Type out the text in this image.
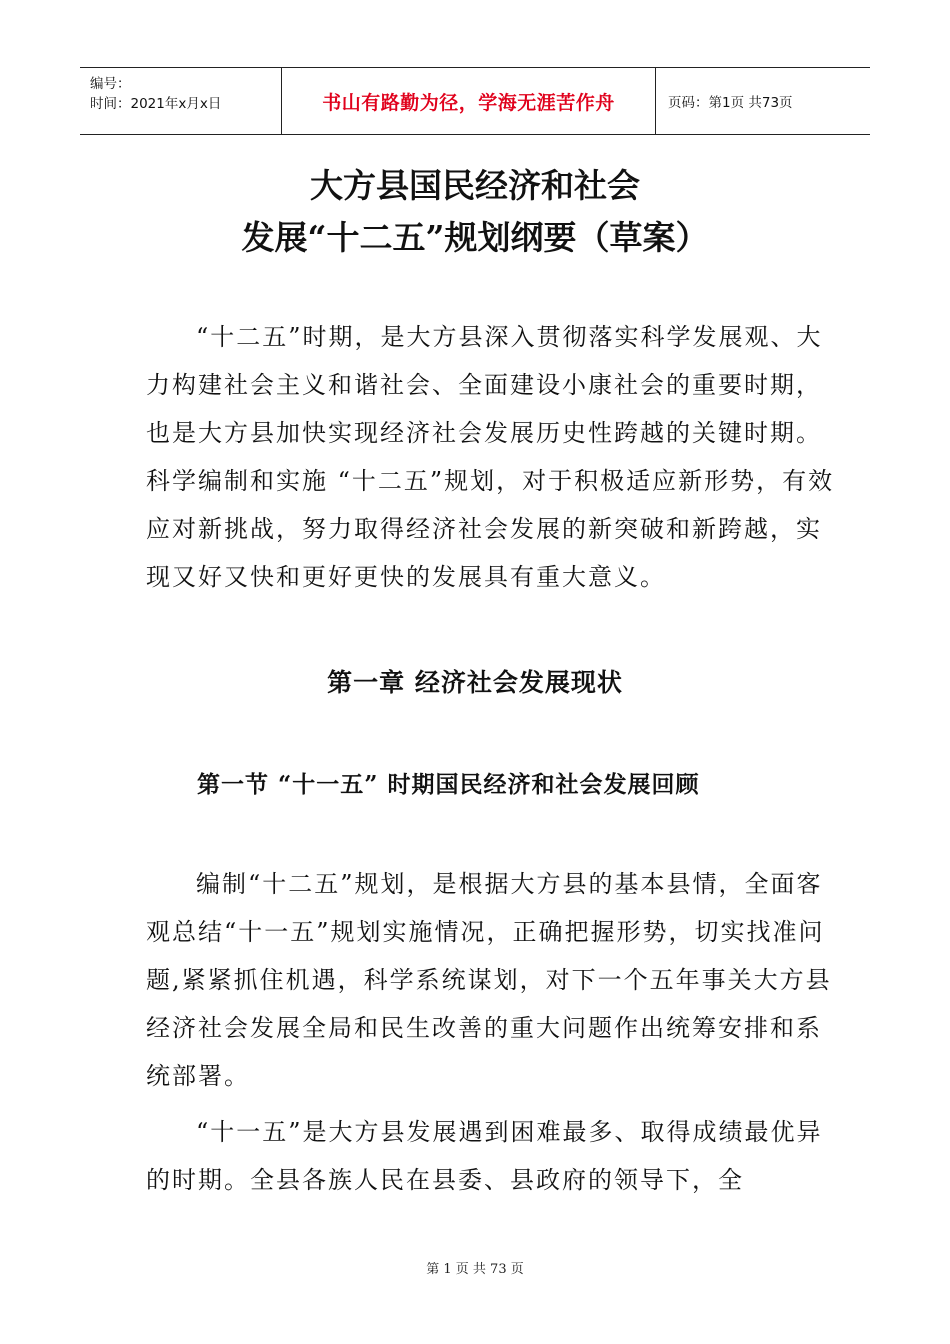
编号：
时间：2021年x月x日	书山有路勤为径，学海无涯苦作舟	页码：第1页 共73页
大方县国民经济和社会
发展“十二五”规划纲要（草案）

“十二五”时期，是大方县深入贯彻落实科学发展观、大力构建社会主义和谐社会、全面建设小康社会的重要时期，也是大方县加快实现经济社会发展历史性跨越的关键时期。科学编制和实施 “十二五”规划，对于积极适应新形势，有效应对新挑战，努力取得经济社会发展的新突破和新跨越，实现又好又快和更好更快的发展具有重大意义。

第一章 经济社会发展现状
第一节 “十一五” 时期国民经济和社会发展回顾

编制“十二五”规划，是根据大方县的基本县情，全面客观总结“十一五”规划实施情况，正确把握形势，切实找准问题,紧紧抓住机遇，科学系统谋划，对下一个五年事关大方县经济社会发展全局和民生改善的重大问题作出统筹安排和系统部署。

“十一五”是大方县发展遇到困难最多、取得成绩最优异的时期。全县各族人民在县委、县政府的领导下，全

第 1 页 共 73 页
